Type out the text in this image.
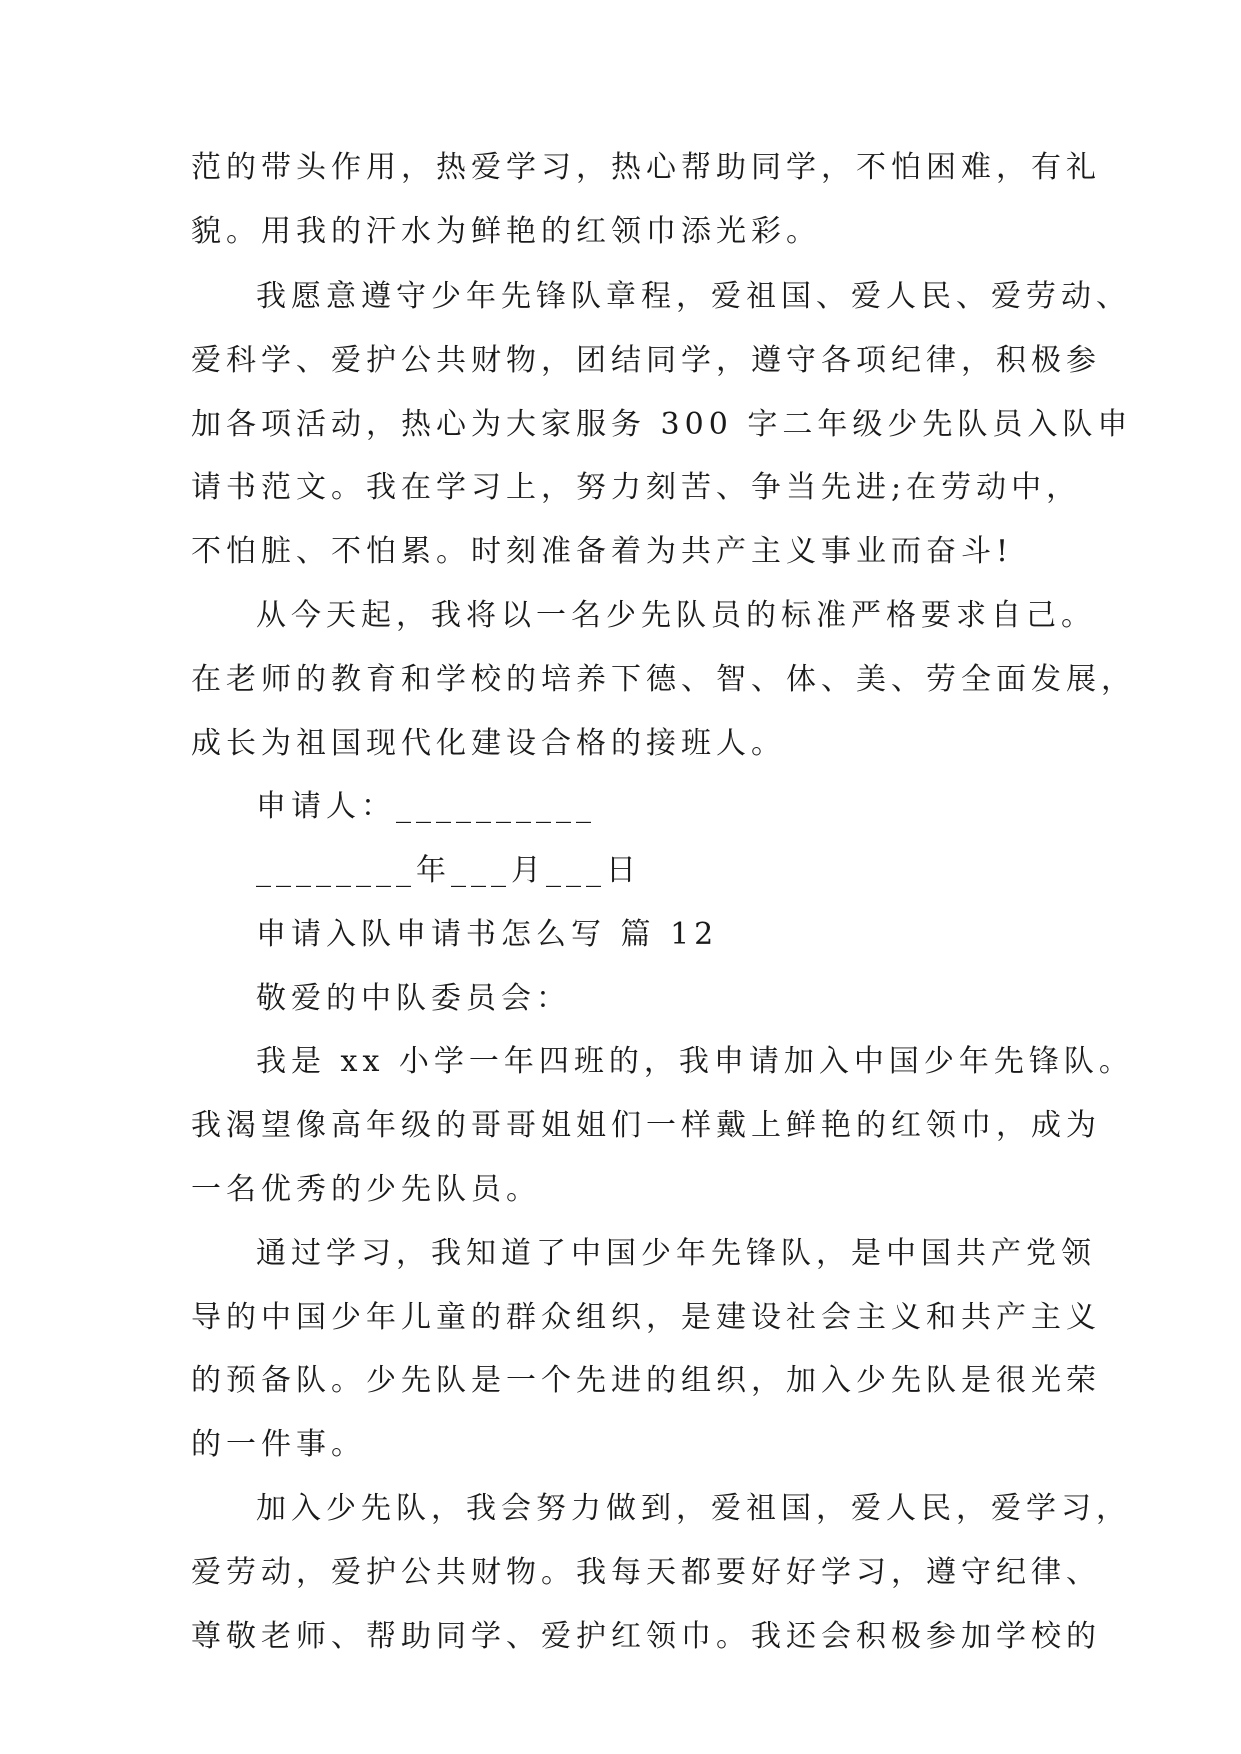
范的带头作用，热爱学习，热心帮助同学，不怕困难，有礼
貌。用我的汗水为鲜艳的红领巾添光彩。
我愿意遵守少年先锋队章程，爱祖国、爱人民、爱劳动、
爱科学、爱护公共财物，团结同学，遵守各项纪律，积极参
加各项活动，热心为大家服务 300 字二年级少先队员入队申
请书范文。我在学习上，努力刻苦、争当先进;在劳动中，
不怕脏、不怕累。时刻准备着为共产主义事业而奋斗!
从今天起，我将以一名少先队员的标准严格要求自己。
在老师的教育和学校的培养下德、智、体、美、劳全面发展，
成长为祖国现代化建设合格的接班人。
申请人：__________
________年___月___日
申请入队申请书怎么写 篇 12
敬爱的中队委员会：
我是 xx 小学一年四班的，我申请加入中国少年先锋队。
我渴望像高年级的哥哥姐姐们一样戴上鲜艳的红领巾，成为
一名优秀的少先队员。
通过学习，我知道了中国少年先锋队，是中国共产党领
导的中国少年儿童的群众组织，是建设社会主义和共产主义
的预备队。少先队是一个先进的组织，加入少先队是很光荣
的一件事。
加入少先队，我会努力做到，爱祖国，爱人民，爱学习，
爱劳动，爱护公共财物。我每天都要好好学习，遵守纪律、
尊敬老师、帮助同学、爱护红领巾。我还会积极参加学校的
